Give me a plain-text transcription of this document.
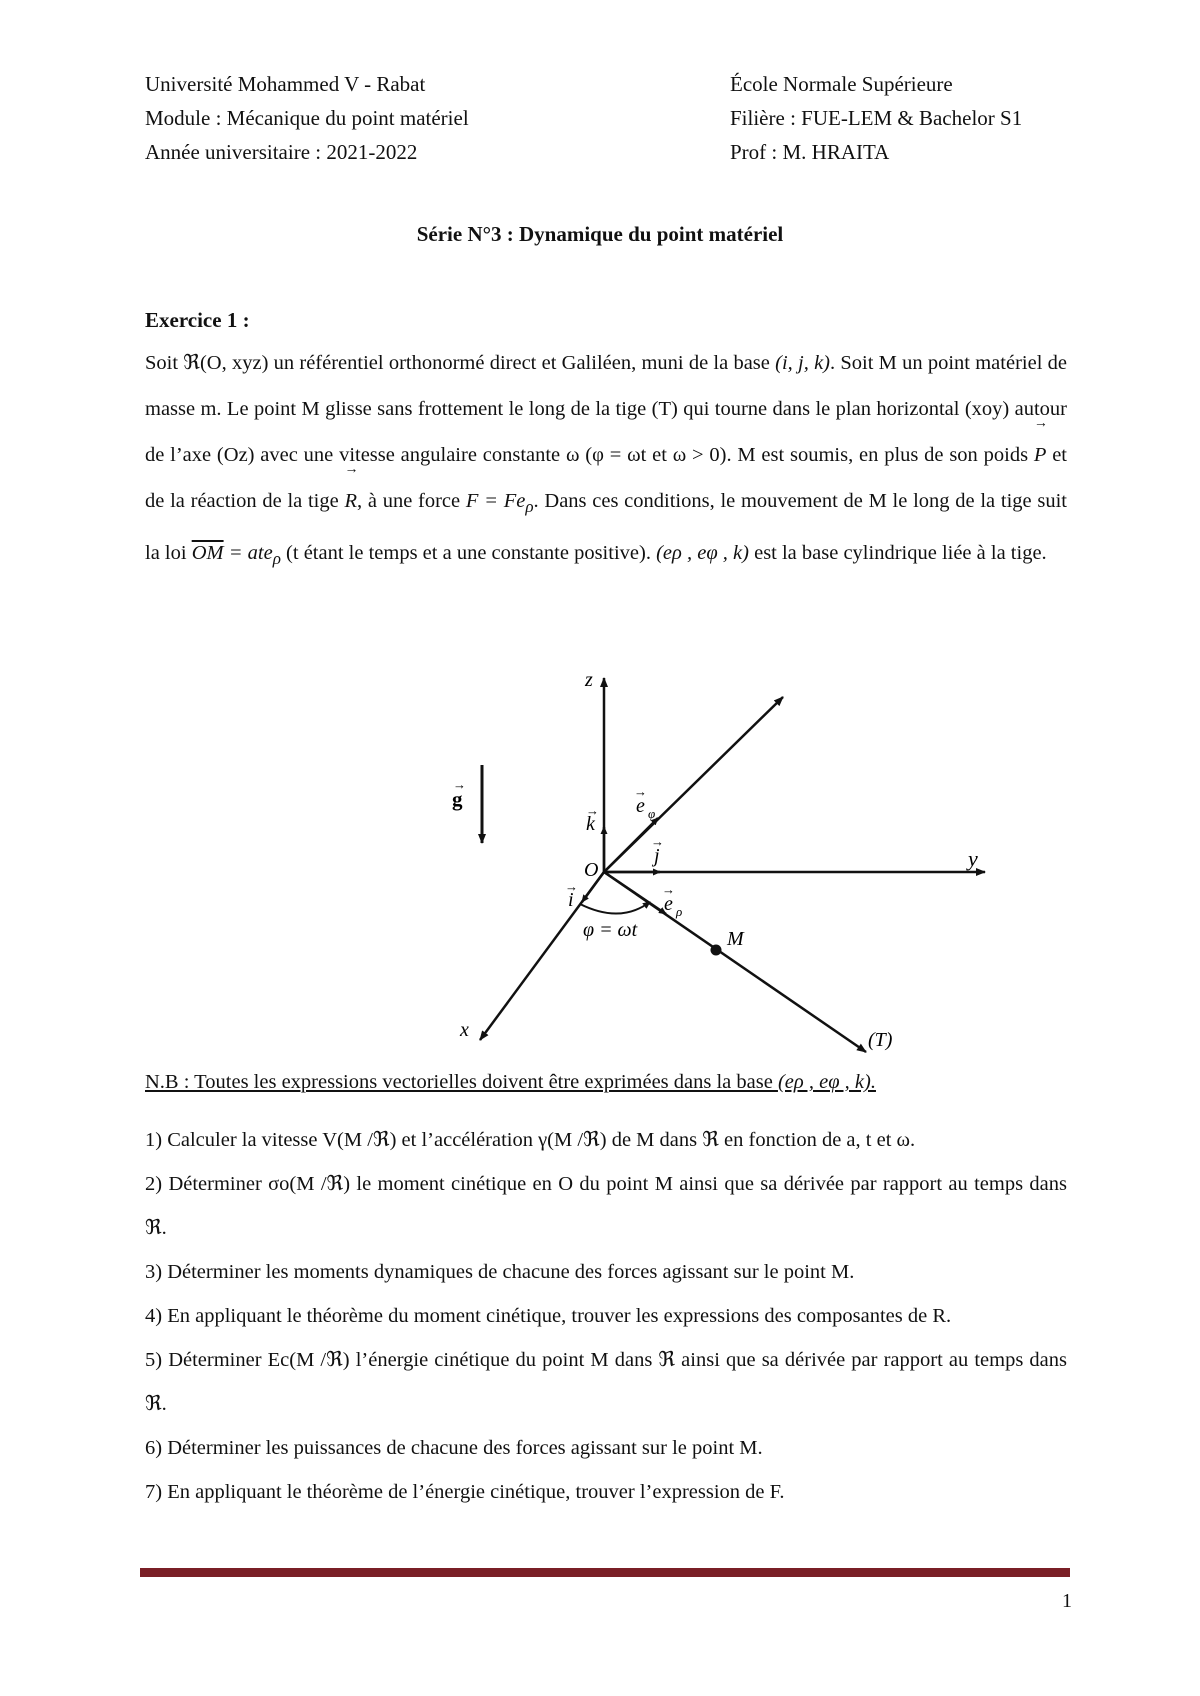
Université Mohammed V - Rabat
Module : Mécanique du point matériel
Année universitaire : 2021-2022
École Normale Supérieure
Filière : FUE-LEM & Bachelor S1
Prof : M. HRAITA
Série N°3 : Dynamique du point matériel
Exercice 1 :
Soit ℜ(O, xyz) un référentiel orthonormé direct et Galiléen, muni de la base (i, j, k). Soit M un point matériel de masse m. Le point M glisse sans frottement le long de la tige (T) qui tourne dans le plan horizontal (xoy) autour de l’axe (Oz) avec une vitesse angulaire constante ω (φ = ωt et ω > 0). M est soumis, en plus de son poids → P et de la réaction de la tige → R, à une force $F = Fe_\rho$. Dans ces conditions, le mouvement de M le long de la tige suit la loi $\overline{OM} = ate_\rho$ (t étant le temps et a une constante positive). (eρ , eφ , k) est la base cylindrique liée à la tige.
z
y
x
O
g
→
k
→
j
→
i
→
e φ
→
e ρ
→
φ = ωt	M
(T)
N.B : Toutes les expressions vectorielles doivent être exprimées dans la base (eρ , eφ , k).
1) Calculer la vitesse V(M /ℜ) et l’accélération γ(M /ℜ) de M dans ℜ en fonction de a, t et ω.
2) Déterminer σo(M /ℜ) le moment cinétique en O du point M ainsi que sa dérivée par rapport au temps dans ℜ.
3) Déterminer les moments dynamiques de chacune des forces agissant sur le point M.
4) En appliquant le théorème du moment cinétique, trouver les expressions des composantes de R.
5) Déterminer Ec(M /ℜ) l’énergie cinétique du point M dans ℜ ainsi que sa dérivée par rapport au temps dans ℜ.
6) Déterminer les puissances de chacune des forces agissant sur le point M.
7) En appliquant le théorème de l’énergie cinétique, trouver l’expression de F.
1
